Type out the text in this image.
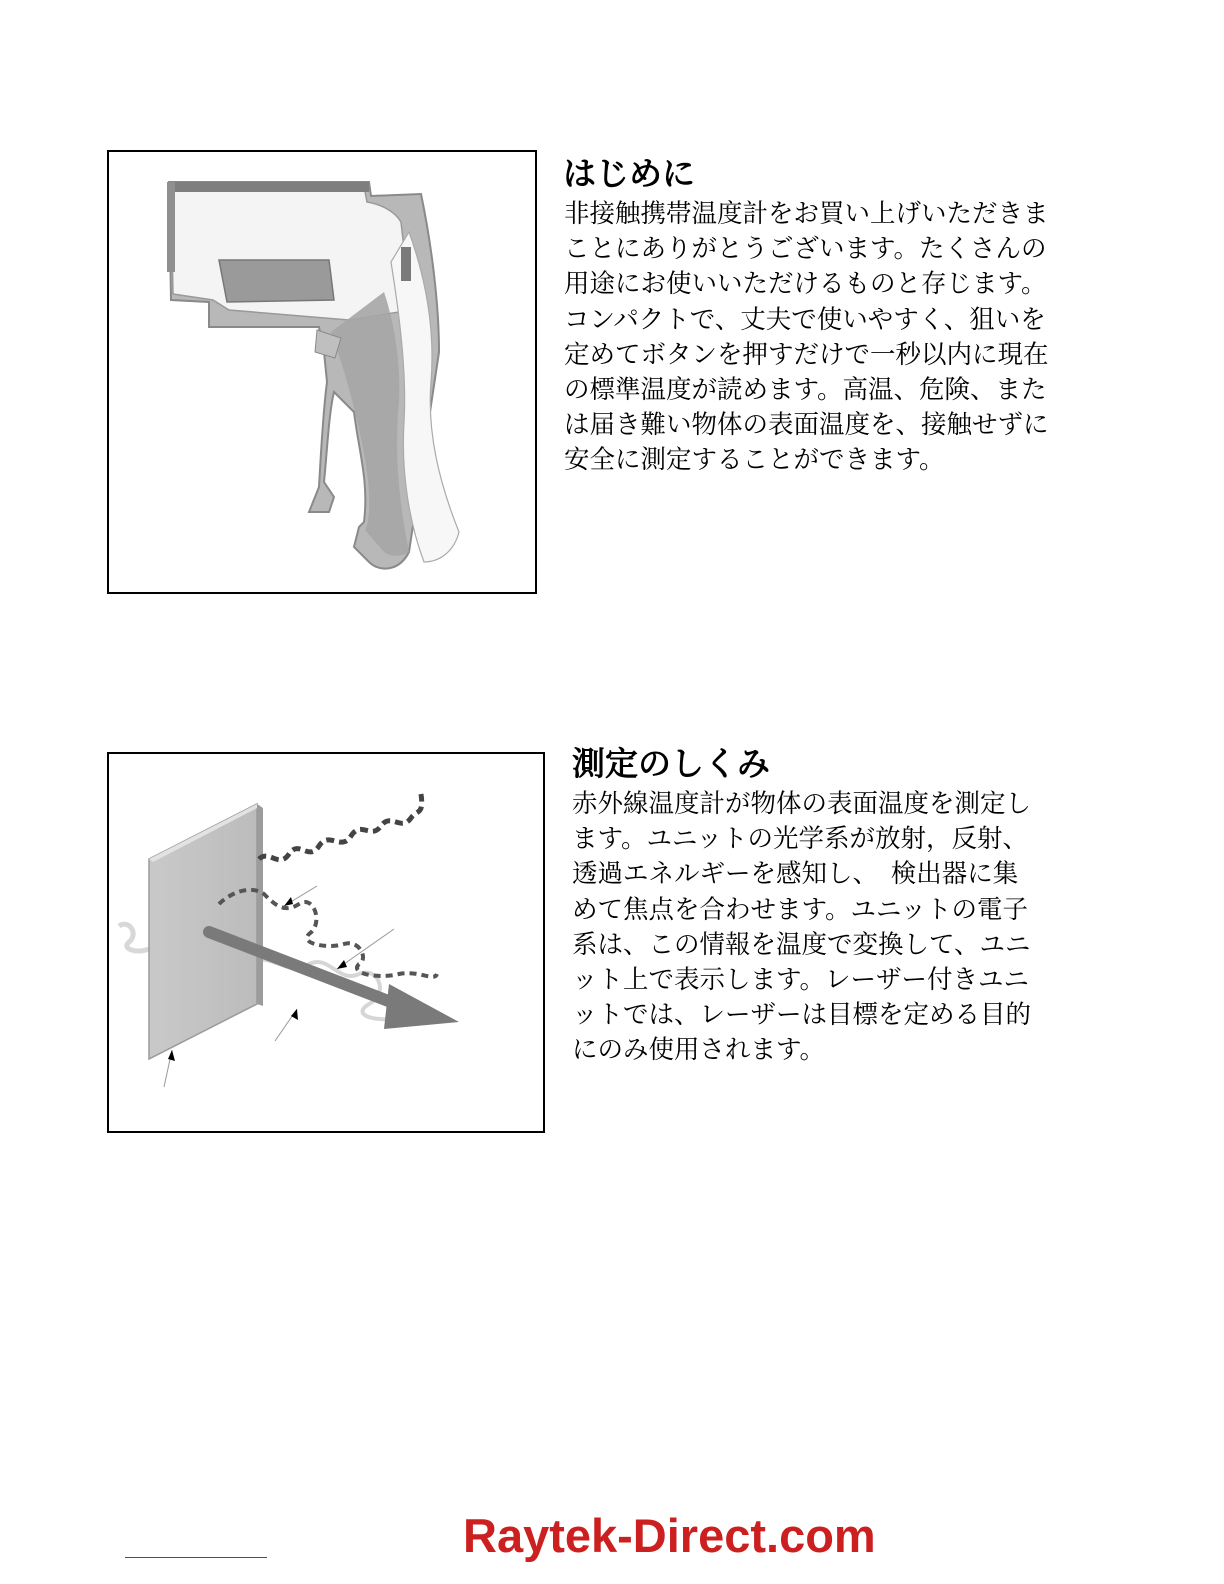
はじめに

非接触携帯温度計をお買い上げいただきま
ことにありがとうございます。たくさんの
用途にお使いいただけるものと存じます。
コンパクトで、丈夫で使いやすく、狙いを
定めてボタンを押すだけで一秒以内に現在
の標準温度が読めます。高温、危険、また
は届き難い物体の表面温度を、接触せずに
安全に測定することができます。

測定のしくみ

赤外線温度計が物体の表面温度を測定し
ます。ユニットの光学系が放射，反射、
透過エネルギーを感知し、　検出器に集
めて焦点を合わせます。ユニットの電子
系は、この情報を温度で変換して、ユニ
ット上で表示します。レーザー付きユニ
ットでは、レーザーは目標を定める目的
にのみ使用されます。

Raytek-Direct.com
